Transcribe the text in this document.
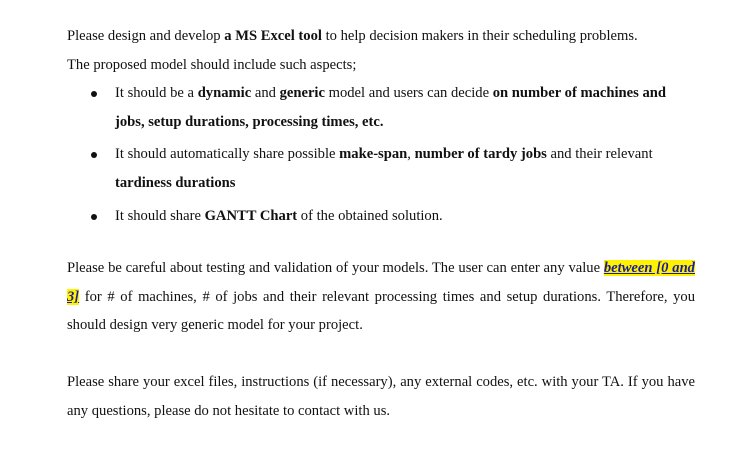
Please design and develop a MS Excel tool to help decision makers in their scheduling problems.
The proposed model should include such aspects;

It should be a dynamic and generic model and users can decide on number of machines and jobs, setup durations, processing times, etc.
It should automatically share possible make-span, number of tardy jobs and their relevant tardiness durations
It should share GANTT Chart of the obtained solution.

Please be careful about testing and validation of your models. The user can enter any value between [0 and 3] for # of machines, # of jobs and their relevant processing times and setup durations. Therefore, you should design very generic model for your project.

Please share your excel files, instructions (if necessary), any external codes, etc. with your TA. If you have any questions, please do not hesitate to contact with us.
